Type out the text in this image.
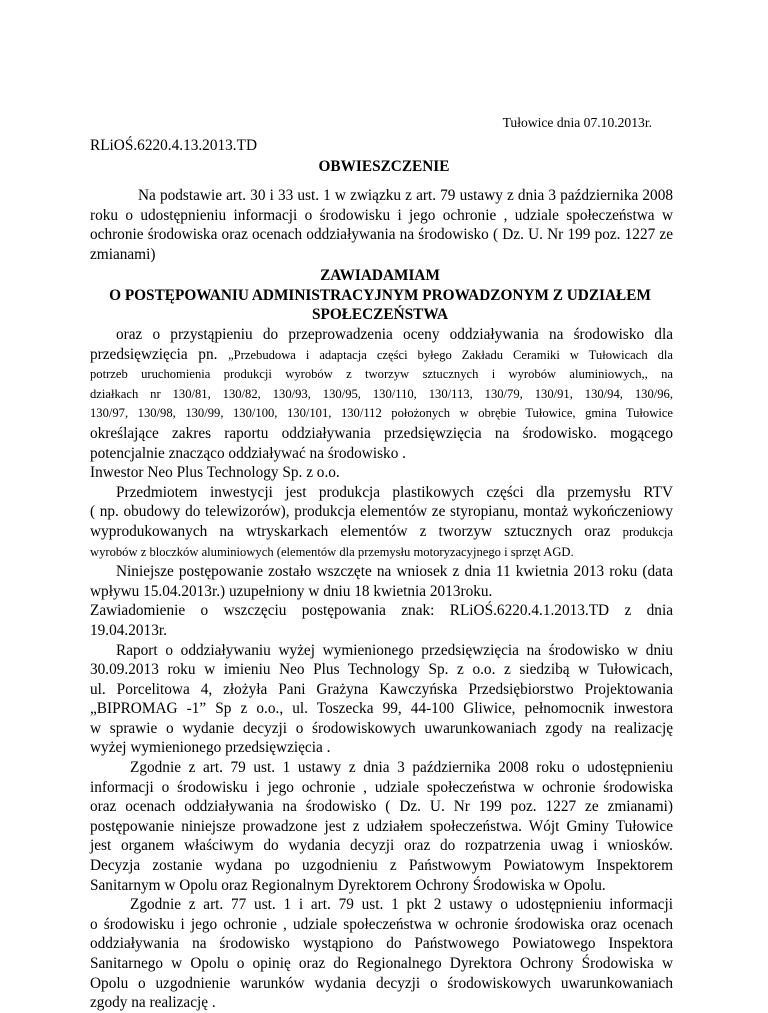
Tułowice dnia 07.10.2013r.
RLiOŚ.6220.4.13.2013.TD
OBWIESZCZENIE
Na podstawie art. 30 i 33 ust. 1 w związku z art. 79 ustawy z dnia 3 października 2008 roku o udostępnieniu informacji o środowisku i jego ochronie , udziale społeczeństwa w ochronie środowiska oraz ocenach oddziaływania na środowisko ( Dz. U. Nr 199 poz. 1227 ze zmianami)
ZAWIADAMIAM
O POSTĘPOWANIU ADMINISTRACYJNYM PROWADZONYM Z UDZIAŁEM
SPOŁECZEŃSTWA
oraz o przystąpieniu do przeprowadzenia oceny oddziaływania na środowisko dla
przedsięwzięcia pn. „Przebudowa i adaptacja części byłego Zakładu Ceramiki w Tułowicach dla
potrzeb uruchomienia produkcji wyrobów z tworzyw sztucznych i wyrobów aluminiowych,, na
działkach nr 130/81, 130/82, 130/93, 130/95, 130/110, 130/113, 130/79, 130/91, 130/94, 130/96,
130/97, 130/98, 130/99, 130/100, 130/101, 130/112 położonych w obrębie Tułowice, gmina Tułowice
określające zakres raportu oddziaływania przedsięwzięcia na środowisko. mogącego
potencjalnie znacząco oddziaływać na środowisko .
Inwestor Neo Plus Technology Sp. z o.o.
Przedmiotem inwestycji jest produkcja plastikowych części dla przemysłu RTV
( np. obudowy do telewizorów), produkcja elementów ze styropianu, montaż wykończeniowy
wyprodukowanych na wtryskarkach elementów z tworzyw sztucznych oraz produkcja
wyrobów z bloczków aluminiowych (elementów dla przemysłu motoryzacyjnego i sprzęt AGD.
Niniejsze postępowanie zostało wszczęte na wniosek z dnia 11 kwietnia 2013 roku (data
wpływu 15.04.2013r.) uzupełniony w dniu 18 kwietnia 2013roku.
Zawiadomienie o wszczęciu postępowania znak: RLiOŚ.6220.4.1.2013.TD z dnia
19.04.2013r.
Raport o oddziaływaniu wyżej wymienionego przedsięwzięcia na środowisko w dniu
30.09.2013 roku w imieniu Neo Plus Technology Sp. z o.o. z siedzibą w Tułowicach,
ul. Porcelitowa 4, złożyła Pani Grażyna Kawczyńska Przedsiębiorstwo Projektowania
„BIPROMAG -1” Sp z o.o., ul. Toszecka 99, 44-100 Gliwice, pełnomocnik inwestora
w sprawie o wydanie decyzji o środowiskowych uwarunkowaniach zgody na realizację
wyżej wymienionego przedsięwzięcia .
Zgodnie z art. 79 ust. 1 ustawy z dnia 3 października 2008 roku o udostępnieniu
informacji o środowisku i jego ochronie , udziale społeczeństwa w ochronie środowiska
oraz ocenach oddziaływania na środowisko ( Dz. U. Nr 199 poz. 1227 ze zmianami)
postępowanie niniejsze prowadzone jest z udziałem społeczeństwa. Wójt Gminy Tułowice
jest organem właściwym do wydania decyzji oraz do rozpatrzenia uwag i wniosków.
Decyzja zostanie wydana po uzgodnieniu z Państwowym Powiatowym Inspektorem
Sanitarnym w Opolu oraz Regionalnym Dyrektorem Ochrony Środowiska w Opolu.
Zgodnie z art. 77 ust. 1 i art. 79 ust. 1 pkt 2 ustawy o udostępnieniu informacji
o środowisku i jego ochronie , udziale społeczeństwa w ochronie środowiska oraz ocenach
oddziaływania na środowisko wystąpiono do Państwowego Powiatowego Inspektora
Sanitarnego w Opolu o opinię oraz do Regionalnego Dyrektora Ochrony Środowiska w
Opolu o uzgodnienie warunków wydania decyzji o środowiskowych uwarunkowaniach
zgody na realizację .
